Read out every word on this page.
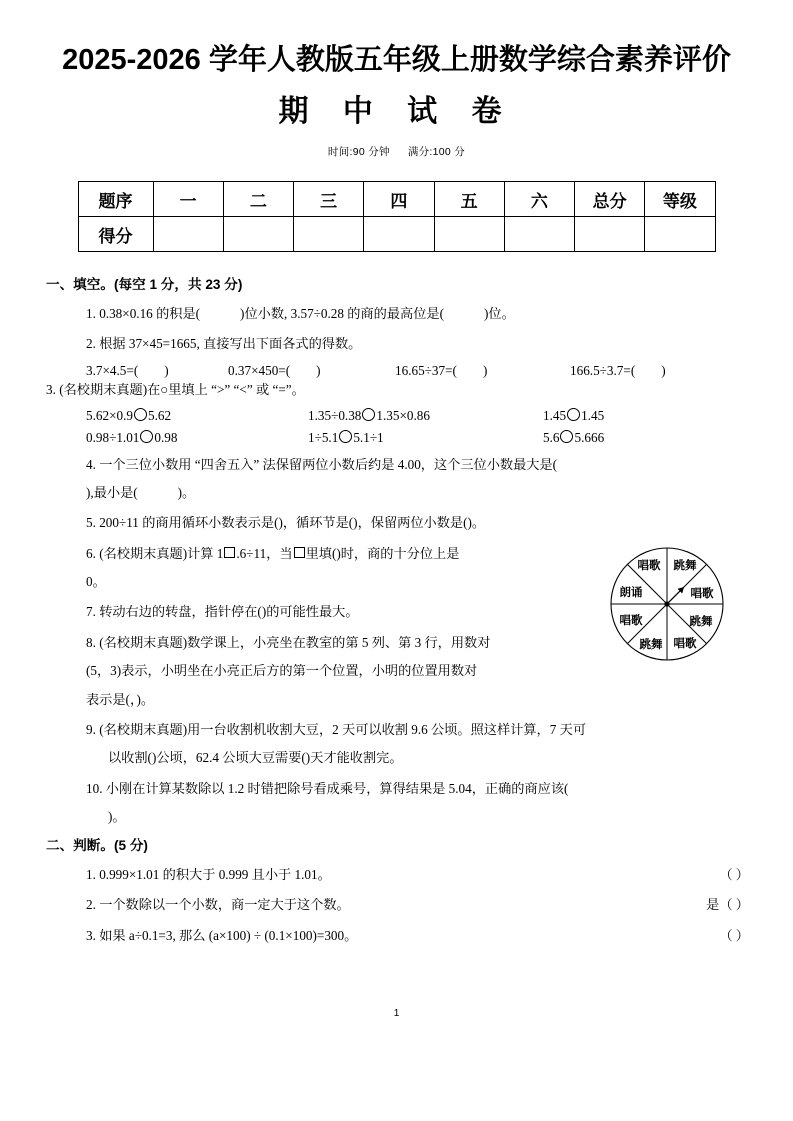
2025-2026 学年人教版五年级上册数学综合素养评价
期 中 试 卷
时间:90 分钟 满分:100 分
题序	一	二	三	四	五	六	总分	等级
得分								
一、填空。(每空 1 分，共 23 分)
1. 0.38×0.16 的积是(	)位小数, 3.57÷0.28 的商的最高位是(	)位。
2. 根据 37×45=1665, 直接写出下面各式的得数。
3.7×4.5=( )	0.37×450=( )	16.65÷37=( )	166.5÷3.7=( )
3. (名校期末真题)在○里填上 “>” “<” 或 “=”。
5.62×0.9 5.62	1.35÷0.38 1.35×0.86	1.45 1.45
0.98÷1.01 0.98	1÷5.1 5.1÷1	5.6 5.666
4. 一个三位小数用 “四舍五入” 法保留两位小数后约是 4.00，这个三位小数最大是(
),最小是(	)。
5. 200÷11 的商用循环小数表示是()，循环节是()，保留两位小数是()。
6. (名校期末真题)计算 1 .6÷11，当 里填()时，商的十分位上是
0。
7. 转动右边的转盘，指针停在()的可能性最大。
8. (名校期末真题)数学课上，小亮坐在教室的第 5 列、第 3 行，用数对
(5，3)表示，小明坐在小亮正后方的第一个位置，小明的位置用数对
表示是(，)。
9. (名校期末真题)用一台收割机收割大豆，2 天可以收割 9.6 公顷。照这样计算，7 天可
以收割()公顷，62.4 公顷大豆需要()天才能收割完。
10. 小刚在计算某数除以 1.2 时错把除号看成乘号，算得结果是 5.04，正确的商应该(
)。
二、判断。(5 分)
1. 0.999×1.01 的积大于 0.999 且小于 1.01。	（ ）
2. 一个数除以一个小数，商一定大于这个数。	是（ ）
3. 如果 a÷0.1=3, 那么 (a×100) ÷ (0.1×100)=300。	（ ）
唱歌 跳舞
唱歌
跳舞
唱歌
跳舞
唱歌
朗诵
1
